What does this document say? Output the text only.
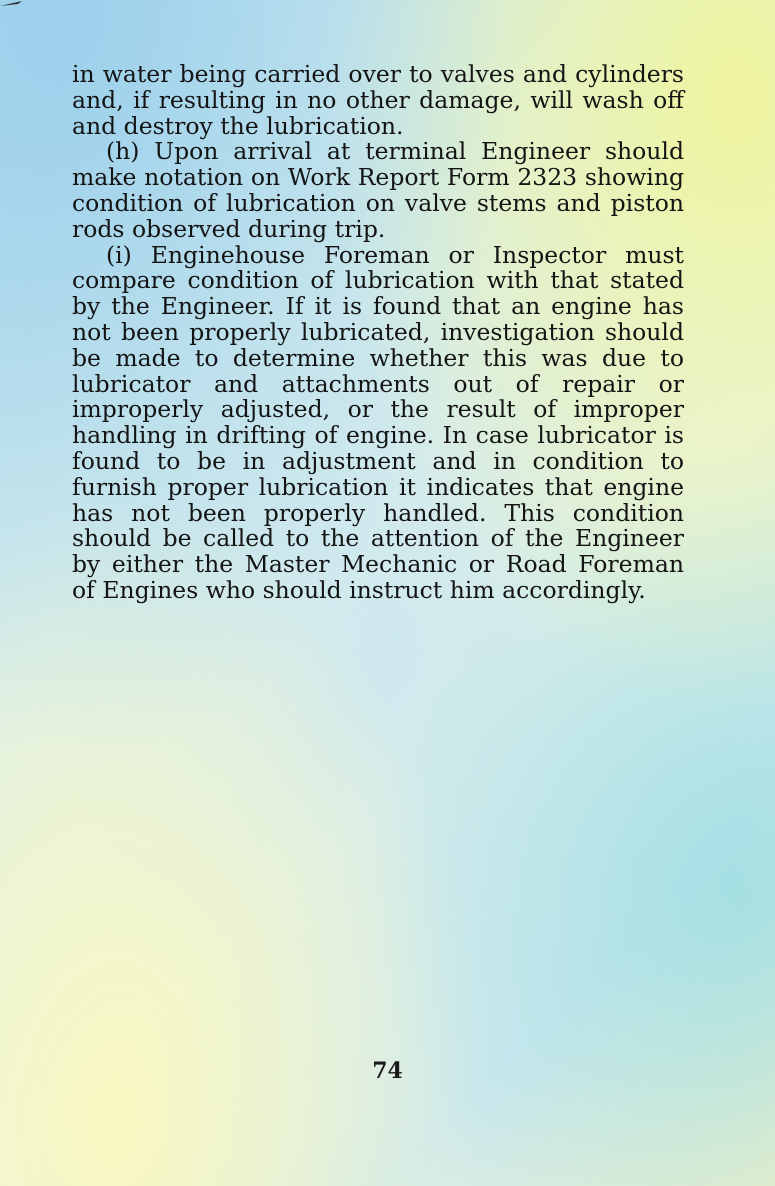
in water being carried over to valves and cylinders and, if resulting in no other damage, will wash off and destroy the lubrication.

(h) Upon arrival at terminal Engineer should make notation on Work Report Form 2323 showing condition of lubrication on valve stems and piston rods observed during trip.

(i) Enginehouse Foreman or Inspector must compare condition of lubrication with that stated by the Engineer. If it is found that an engine has not been properly lubricated, investigation should be made to determine whether this was due to lubricator and attachments out of repair or improperly adjusted, or the result of improper handling in drifting of engine. In case lubricator is found to be in adjustment and in condition to furnish proper lubrication it indicates that engine has not been properly handled. This condition should be called to the attention of the Engineer by either the Master Mechanic or Road Foreman of Engines who should instruct him accordingly.

74
